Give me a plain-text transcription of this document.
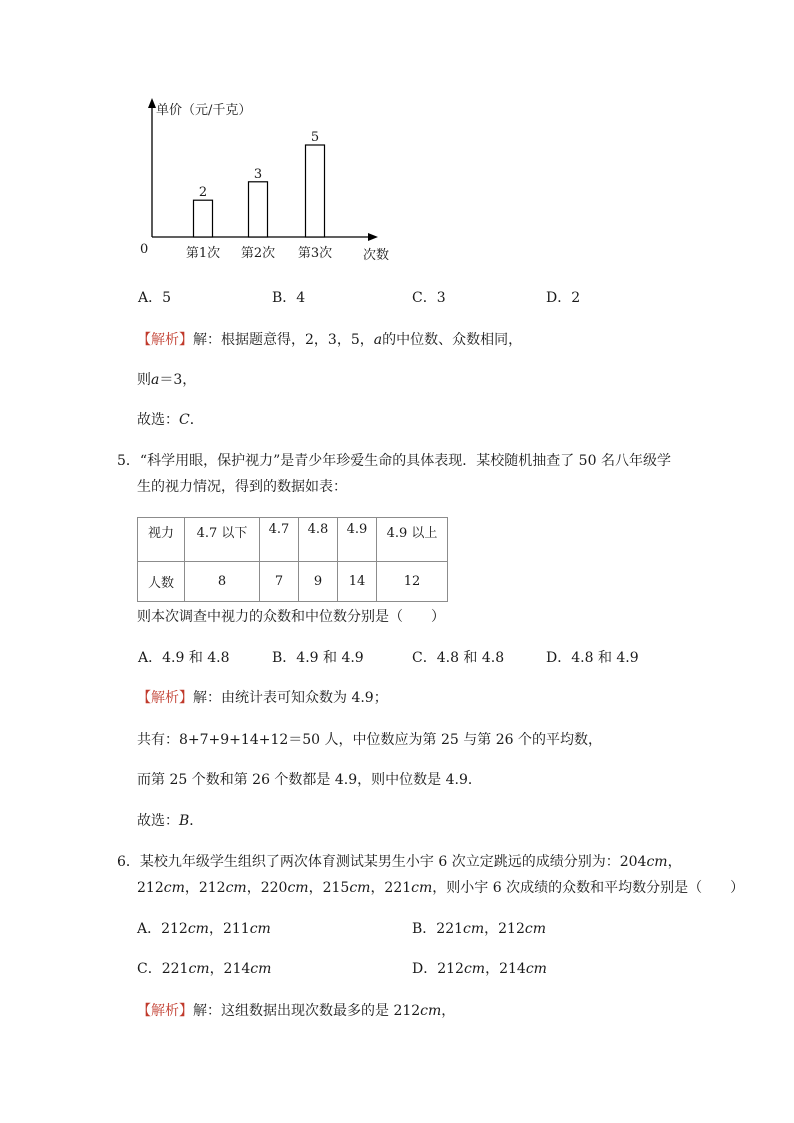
2
第1次
3
第2次
5
第3次
单价（元/千克）
次数
0
A．5	B．4	C．3	D．2
【解析】解：根据题意得，2，3，5，a的中位数、众数相同，
则a＝3，
故选：C．
5．“科学用眼，保护视力”是青少年珍爱生命的具体表现．某校随机抽查了 50 名八年级学
生的视力情况，得到的数据如表：
视力	4.7 以下	4.7	4.8	4.9	4.9 以上
人数	8	7	9	14	12
则本次调查中视力的众数和中位数分别是（　　）
A．4.9 和 4.8	B．4.9 和 4.9	C．4.8 和 4.8	D．4.8 和 4.9
【解析】解：由统计表可知众数为 4.9；
共有：8+7+9+14+12＝50 人，中位数应为第 25 与第 26 个的平均数，
而第 25 个数和第 26 个数都是 4.9，则中位数是 4.9．
故选：B．
6．某校九年级学生组织了两次体育测试某男生小宇 6 次立定跳远的成绩分别为：204cm，
212cm，212cm，220cm，215cm，221cm，则小宇 6 次成绩的众数和平均数分别是（　　）
A．212cm，211cm	B．221cm，212cm
C．221cm，214cm	D．212cm，214cm
【解析】解：这组数据出现次数最多的是 212cm，
